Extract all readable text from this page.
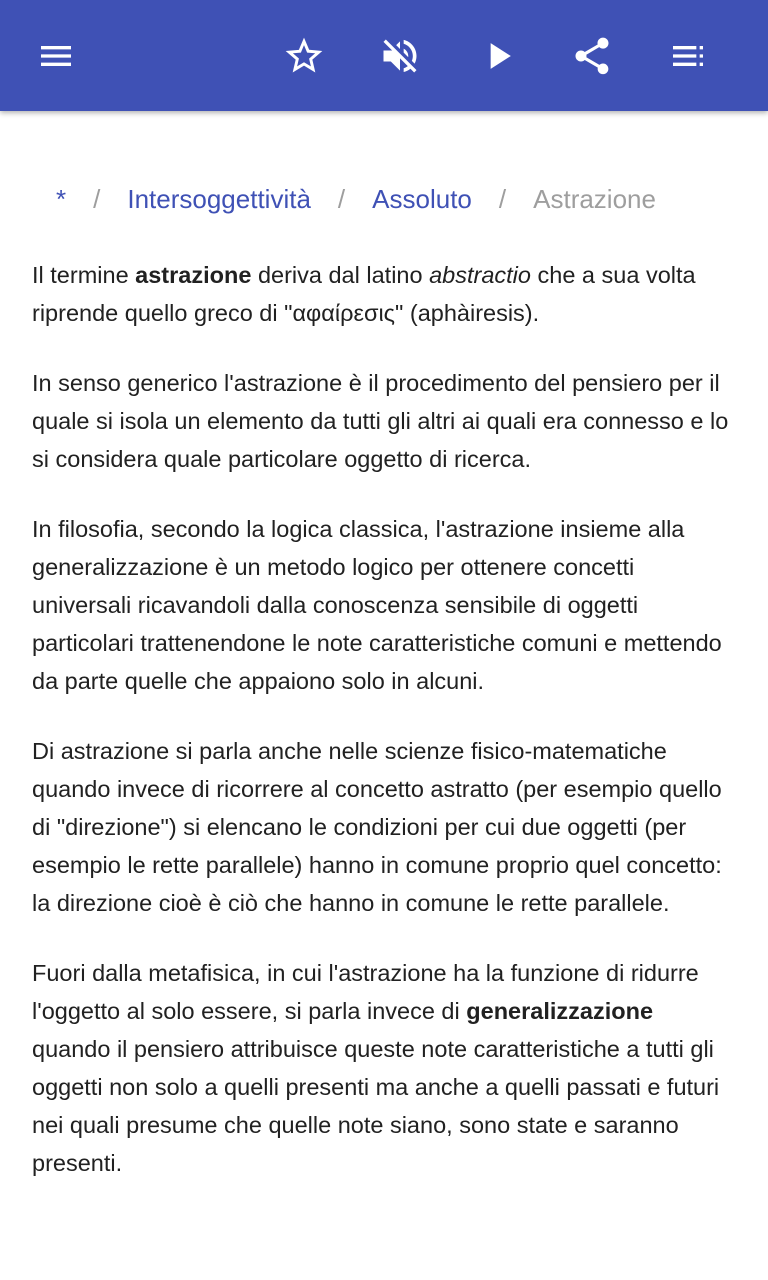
*	/	Intersoggettività	/	Assoluto	/	Astrazione

Il termine astrazione deriva dal latino abstractio che a sua volta riprende quello greco di "αφαίρεσις" (aphàiresis).

In senso generico l'astrazione è il procedimento del pensiero per il quale si isola un elemento da tutti gli altri ai quali era connesso e lo si considera quale particolare oggetto di ricerca.

In filosofia, secondo la logica classica, l'astrazione insieme alla generalizzazione è un metodo logico per ottenere concetti universali ricavandoli dalla conoscenza sensibile di oggetti particolari trattenendone le note caratteristiche comuni e mettendo da parte quelle che appaiono solo in alcuni.

Di astrazione si parla anche nelle scienze fisico-matematiche quando invece di ricorrere al concetto astratto (per esempio quello di "direzione") si elencano le condizioni per cui due oggetti (per esempio le rette parallele) hanno in comune proprio quel concetto: la direzione cioè è ciò che hanno in comune le rette parallele.

Fuori dalla metafisica, in cui l'astrazione ha la funzione di ridurre l'oggetto al solo essere, si parla invece di generalizzazione quando il pensiero attribuisce queste note caratteristiche a tutti gli oggetti non solo a quelli presenti ma anche a quelli passati e futuri nei quali presume che quelle note siano, sono state e saranno presenti.
